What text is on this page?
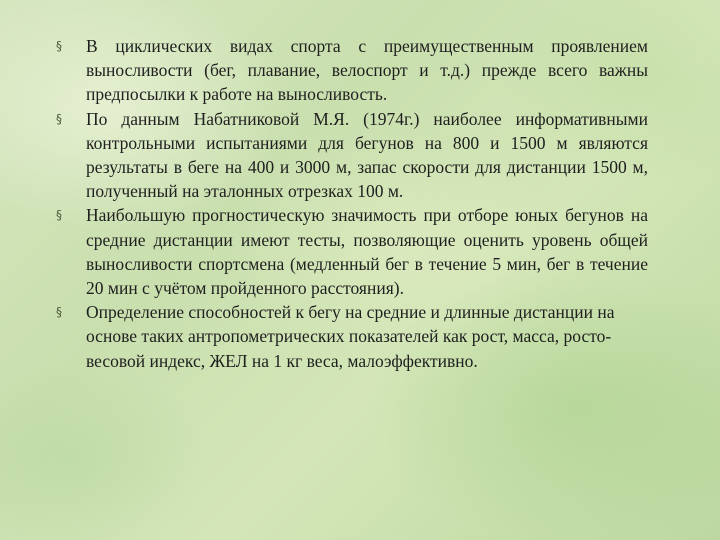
§	В циклических видах спорта с преимущественным проявлением выносливости (бег, плавание, велоспорт и т.д.) прежде всего важны предпосылки к работе на выносливость.
§	По данным Набатниковой М.Я. (1974г.) наиболее информативными контрольными испытаниями для бегунов на 800 и 1500 м являются результаты в беге на 400 и 3000 м, запас скорости для дистанции 1500 м, полученный на эталонных отрезках 100 м.
§	Наибольшую прогностическую значимость при отборе юных бегунов на средние дистанции имеют тесты, позволяющие оценить уровень общей выносливости спортсмена (медленный бег в течение 5 мин, бег в течение 20 мин с учётом пройденного расстояния).
§	Определение способностей к бегу на средние и длинные дистанции на основе таких антропометрических показателей как рост, масса, росто-весовой индекс, ЖЕЛ на 1 кг веса, малоэффективно.
